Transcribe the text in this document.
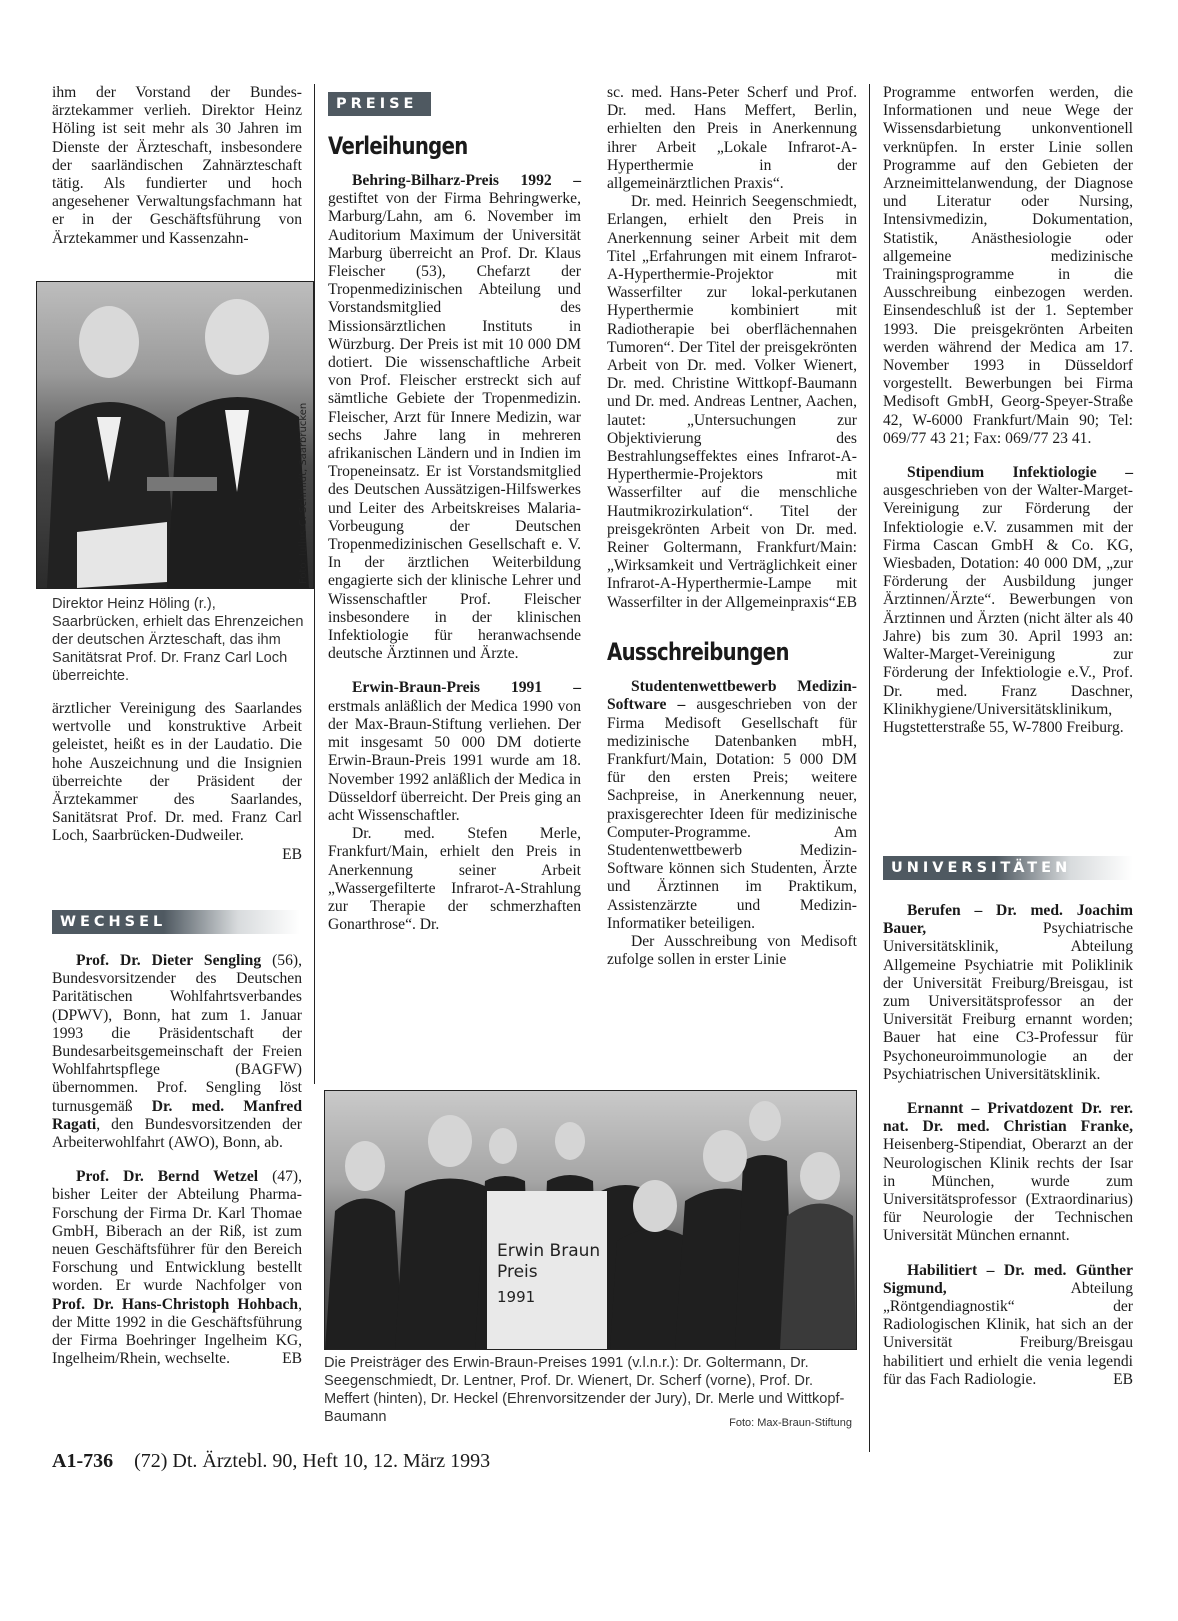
ihm der Vorstand der Bundes-ärztekammer verlieh. Direktor Heinz Höling ist seit mehr als 30 Jahren im Dienste der Ärzteschaft, insbesondere der saarländischen Zahnärzteschaft tätig. Als fundierter und hoch angesehener Verwaltungsfachmann hat er in der Geschäftsführung von Ärztekammer und Kassenzahn-

Foto: Iulius C. Schmidt, Saarbrücken
Direktor Heinz Höling (r.), Saarbrücken, erhielt das Ehrenzeichen der deutschen Ärzteschaft, das ihm Sanitätsrat Prof. Dr. Franz Carl Loch überreichte.

ärztlicher Vereinigung des Saarlandes wertvolle und konstruktive Arbeit geleistet, heißt es in der Laudatio. Die hohe Auszeichnung und die Insignien überreichte der Präsident der Ärztekammer des Saarlandes, Sanitätsrat Prof. Dr. med. Franz Carl Loch, Saarbrücken-Dudweiler.

EB

WECHSEL

Prof. Dr. Dieter Sengling (56), Bundesvorsitzender des Deutschen Paritätischen Wohlfahrtsverbandes (DPWV), Bonn, hat zum 1. Januar 1993 die Präsidentschaft der Bundesarbeitsgemeinschaft der Freien Wohlfahrtspflege (BAGFW) übernommen. Prof. Sengling löst turnusgemäß Dr. med. Manfred Ragati, den Bundesvorsitzenden der Arbeiterwohlfahrt (AWO), Bonn, ab.

Prof. Dr. Bernd Wetzel (47), bisher Leiter der Abteilung Pharma-Forschung der Firma Dr. Karl Thomae GmbH, Biberach an der Riß, ist zum neuen Geschäftsführer für den Bereich Forschung und Entwicklung bestellt worden. Er wurde Nachfolger von Prof. Dr. Hans-Christoph Hohbach, der Mitte 1992 in die Geschäftsführung der Firma Boehringer Ingelheim KG, Ingelheim/Rhein, wechselte.	EB

PREISE
Verleihungen

Behring-Bilharz-Preis 1992 – gestiftet von der Firma Behringwerke, Marburg/Lahn, am 6. November im Auditorium Maximum der Universität Marburg überreicht an Prof. Dr. Klaus Fleischer (53), Chefarzt der Tropenmedizinischen Abteilung und Vorstandsmitglied des Missionsärztlichen Instituts in Würzburg. Der Preis ist mit 10 000 DM dotiert. Die wissenschaftliche Arbeit von Prof. Fleischer erstreckt sich auf sämtliche Gebiete der Tropenmedizin. Fleischer, Arzt für Innere Medizin, war sechs Jahre lang in mehreren afrikanischen Ländern und in Indien im Tropeneinsatz. Er ist Vorstandsmitglied des Deutschen Aussätzigen-Hilfswerkes und Leiter des Arbeitskreises Malaria-Vorbeugung der Deutschen Tropenmedizinischen Gesellschaft e. V. In der ärztlichen Weiterbildung engagierte sich der klinische Lehrer und Wissenschaftler Prof. Fleischer insbesondere in der klinischen Infektiologie für heranwachsende deutsche Ärztinnen und Ärzte.

Erwin-Braun-Preis 1991 – erstmals anläßlich der Medica 1990 von der Max-Braun-Stiftung verliehen. Der mit insgesamt 50 000 DM dotierte Erwin-Braun-Preis 1991 wurde am 18. November 1992 anläßlich der Medica in Düsseldorf überreicht. Der Preis ging an acht Wissenschaftler.

Dr. med. Stefen Merle, Frankfurt/Main, erhielt den Preis in Anerkennung seiner Arbeit „Wassergefilterte Infrarot-A-Strahlung zur Therapie der schmerzhaften Gonarthrose“. Dr.

sc. med. Hans-Peter Scherf und Prof. Dr. med. Hans Meffert, Berlin, erhielten den Preis in Anerkennung ihrer Arbeit „Lokale Infrarot-A-Hyperthermie in der allgemeinärztlichen Praxis“.

Dr. med. Heinrich Seegenschmiedt, Erlangen, erhielt den Preis in Anerkennung seiner Arbeit mit dem Titel „Erfahrungen mit einem Infrarot-A-Hyperthermie-Projektor mit Wasserfilter zur lokal-perkutanen Hyperthermie kombiniert mit Radiotherapie bei oberflächennahen Tumoren“. Der Titel der preisgekrönten Arbeit von Dr. med. Volker Wienert, Dr. med. Christine Wittkopf-Baumann und Dr. med. Andreas Lentner, Aachen, lautet: „Untersuchungen zur Objektivierung des Bestrahlungseffektes eines Infrarot-A-Hyperthermie-Projektors mit Wasserfilter auf die menschliche Hautmikrozirkulation“. Titel der preisgekrönten Arbeit von Dr. med. Reiner Goltermann, Frankfurt/Main: „Wirksamkeit und Verträglichkeit einer Infrarot-A-Hyperthermie-Lampe mit Wasserfilter in der Allgemeinpraxis“.

EB

Ausschreibungen

Studentenwettbewerb Medizin-Software – ausgeschrieben von der Firma Medisoft Gesellschaft für medizinische Datenbanken mbH, Frankfurt/Main, Dotation: 5 000 DM für den ersten Preis; weitere Sachpreise, in Anerkennung neuer, praxisgerechter Ideen für medizinische Computer-Programme. Am Studentenwettbewerb Medizin-Software können sich Studenten, Ärzte und Ärztinnen im Praktikum, Assistenzärzte und Medizin-Informatiker beteiligen.

Der Ausschreibung von Medisoft zufolge sollen in erster Linie

Programme entworfen werden, die Informationen und neue Wege der Wissensdarbietung unkonventionell verknüpfen. In erster Linie sollen Programme auf den Gebieten der Arzneimittelanwendung, der Diagnose und Literatur oder Nursing, Intensivmedizin, Dokumentation, Statistik, Anästhesiologie oder allgemeine medizinische Trainingsprogramme in die Ausschreibung einbezogen werden. Einsendeschluß ist der 1. September 1993. Die preisgekrönten Arbeiten werden während der Medica am 17. November 1993 in Düsseldorf vorgestellt. Bewerbungen bei Firma Medisoft GmbH, Georg-Speyer-Straße 42, W-6000 Frankfurt/Main 90; Tel: 069/77 43 21; Fax: 069/77 23 41.

Stipendium Infektiologie – ausgeschrieben von der Walter-Marget-Vereinigung zur Förderung der Infektiologie e.V. zusammen mit der Firma Cascan GmbH & Co. KG, Wiesbaden, Dotation: 40 000 DM, „zur Förderung der Ausbildung junger Ärztinnen/Ärzte“. Bewerbungen von Ärztinnen und Ärzten (nicht älter als 40 Jahre) bis zum 30. April 1993 an: Walter-Marget-Vereinigung zur Förderung der Infektiologie e.V., Prof. Dr. med. Franz Daschner, Klinikhygiene/Universitätsklinikum, Hugstetterstraße 55, W-7800 Freiburg.

UNIVERSITÄTEN

Berufen – Dr. med. Joachim Bauer, Psychiatrische Universitätsklinik, Abteilung Allgemeine Psychiatrie mit Poliklinik der Universität Freiburg/Breisgau, ist zum Universitätsprofessor an der Universität Freiburg ernannt worden; Bauer hat eine C3-Professur für Psychoneuroimmunologie an der Psychiatrischen Universitätsklinik.

Ernannt – Privatdozent Dr. rer. nat. Dr. med. Christian Franke, Heisenberg-Stipendiat, Oberarzt an der Neurologischen Klinik rechts der Isar in München, wurde zum Universitätsprofessor (Extraordinarius) für Neurologie der Technischen Universität München ernannt.

Habilitiert – Dr. med. Günther Sigmund, Abteilung „Röntgendiagnostik“ der Radiologischen Klinik, hat sich an der Universität Freiburg/Breisgau habilitiert und erhielt die venia legendi für das Fach Radiologie.	EB

Erwin Braun
Preis
1991
Die Preisträger des Erwin-Braun-Preises 1991 (v.l.n.r.): Dr. Goltermann, Dr. Seegenschmiedt, Dr. Lentner, Prof. Dr. Wienert, Dr. Scherf (vorne), Prof. Dr. Meffert (hinten), Dr. Heckel (Ehrenvorsitzender der Jury), Dr. Merle und Wittkopf-Baumann	Foto: Max-Braun-Stiftung
A1-736 (72) Dt. Ärztebl. 90, Heft 10, 12. März 1993
